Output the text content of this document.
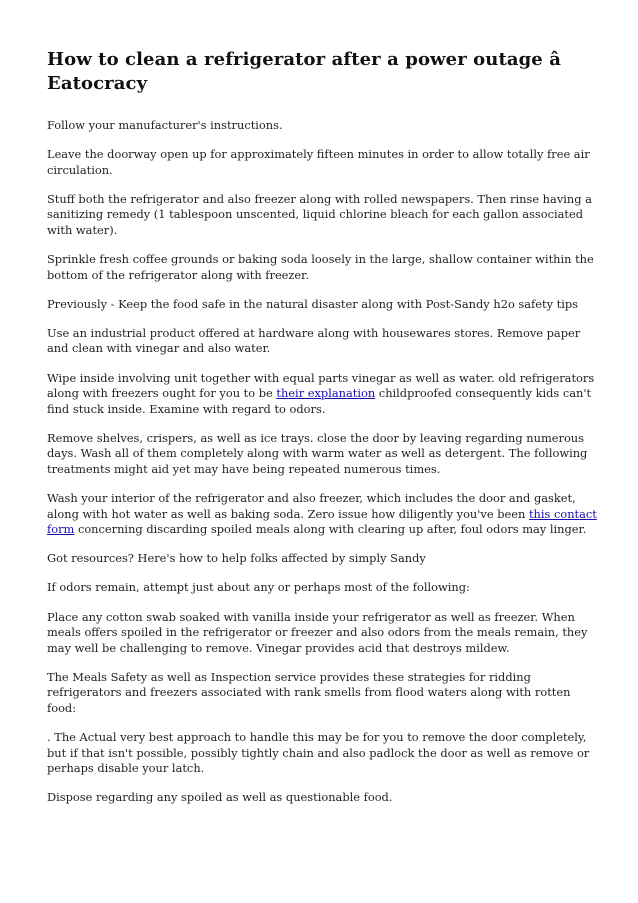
How to clean a refrigerator after a power outage â
Eatocracy

Follow your manufacturer's instructions.

Leave the doorway open up for approximately fifteen minutes in order to allow totally free air circulation.

Stuff both the refrigerator and also freezer along with rolled newspapers. Then rinse having a sanitizing remedy (1 tablespoon unscented, liquid chlorine bleach for each gallon associated with water).

Sprinkle fresh coffee grounds or baking soda loosely in the large, shallow container within the bottom of the refrigerator along with freezer.

Previously - Keep the food safe in the natural disaster along with Post-Sandy h2o safety tips

Use an industrial product offered at hardware along with housewares stores. Remove paper and clean with vinegar and also water.

Wipe inside involving unit together with equal parts vinegar as well as water. old refrigerators along with freezers ought for you to be their explanation childproofed consequently kids can't find stuck inside. Examine with regard to odors.

Remove shelves, crispers, as well as ice trays. close the door by leaving regarding numerous days. Wash all of them completely along with warm water as well as detergent. The following treatments might aid yet may have being repeated numerous times.

Wash your interior of the refrigerator and also freezer, which includes the door and gasket, along with hot water as well as baking soda. Zero issue how diligently you've been this contact form concerning discarding spoiled meals along with clearing up after, foul odors may linger.

Got resources? Here's how to help folks affected by simply Sandy

If odors remain, attempt just about any or perhaps most of the following:

Place any cotton swab soaked with vanilla inside your refrigerator as well as freezer. When meals offers spoiled in the refrigerator or freezer and also odors from the meals remain, they may well be challenging to remove. Vinegar provides acid that destroys mildew.

The Meals Safety as well as Inspection service provides these strategies for ridding refrigerators and freezers associated with rank smells from flood waters along with rotten food:

. The Actual very best approach to handle this may be for you to remove the door completely, but if that isn't possible, possibly tightly chain and also padlock the door as well as remove or perhaps disable your latch.

Dispose regarding any spoiled as well as questionable food.
